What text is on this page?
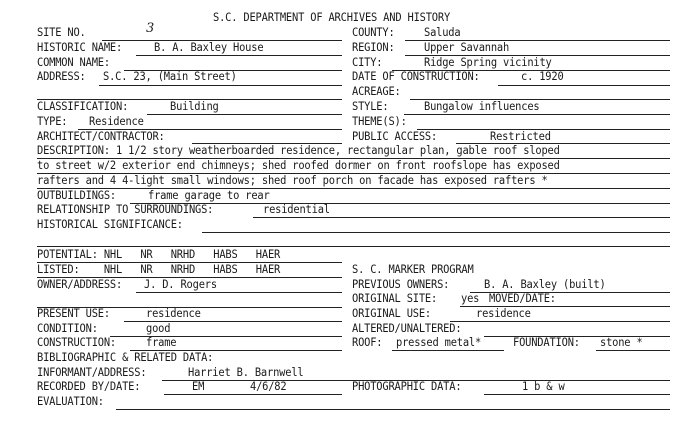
S.C. DEPARTMENT OF ARCHIVES AND HISTORY
SITE NO.	3
HISTORIC NAME:	B. A. Baxley House
COMMON NAME:
ADDRESS: S.C. 23, (Main Street)
COUNTY:	Saluda
REGION:	Upper Savannah
CITY:	Ridge Spring vicinity
DATE OF CONSTRUCTION:	c. 1920
ACREAGE:
CLASSIFICATION:	Building
TYPE: Residence
ARCHITECT/CONTRACTOR:
STYLE:	Bungalow influences
THEME(S):
PUBLIC ACCESS:	Restricted
DESCRIPTION: 1 1/2 story weatherboarded residence, rectangular plan, gable roof sloped
to street w/2 exterior end chimneys; shed roofed dormer on front roofslope has exposed
rafters and 4 4-light small windows; shed roof porch on facade has exposed rafters *
OUTBUILDINGS:	frame garage to rear
RELATIONSHIP TO SURROUNDINGS:	residential
HISTORICAL SIGNIFICANCE:
POTENTIAL: NHL   NR   NRHD   HABS   HAER
LISTED:    NHL   NR   NRHD   HABS   HAER
OWNER/ADDRESS: J. D. Rogers
S. C. MARKER PROGRAM
PREVIOUS OWNERS:	B. A. Baxley (built)
ORIGINAL SITE: yes MOVED/DATE:
PRESENT USE:	residence
CONDITION:	good
CONSTRUCTION:	frame
ORIGINAL USE:	residence
ALTERED/UNALTERED:
ROOF: pressed metal*	FOUNDATION: stone *
BIBLIOGRAPHIC & RELATED DATA:
INFORMANT/ADDRESS:	Harriet B. Barnwell
RECORDED BY/DATE:	EM	4/6/82	PHOTOGRAPHIC DATA:	1 b & w
EVALUATION:
